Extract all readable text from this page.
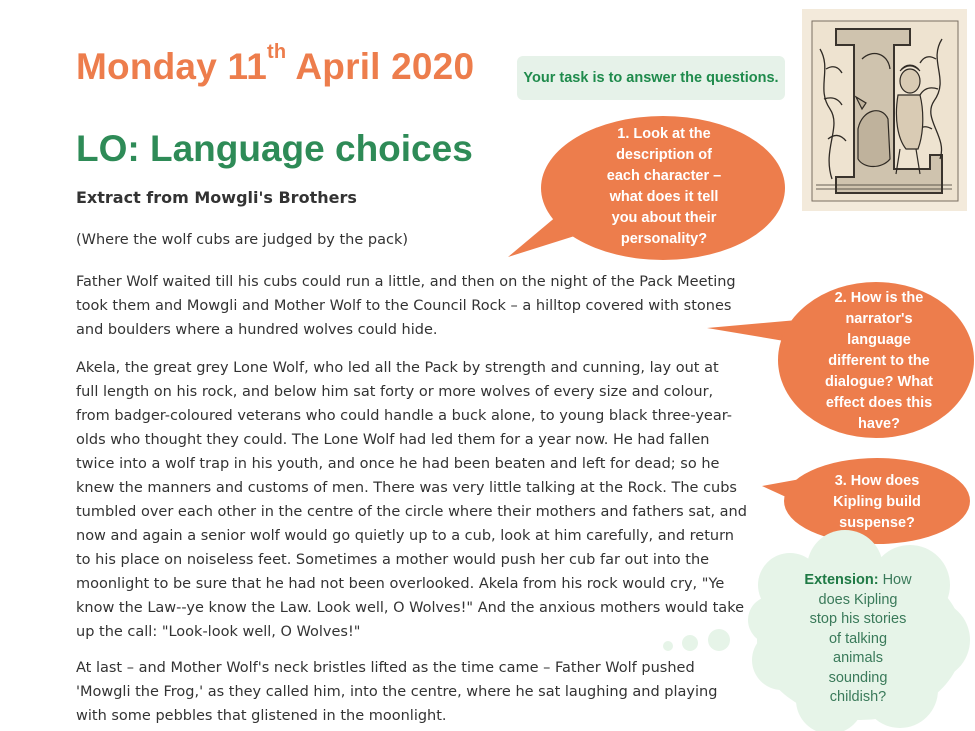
Monday 11th April 2020
LO: Language choices
Your task is to answer the questions.
Extract from Mowgli's Brothers
(Where the wolf cubs are judged by the pack)
Father Wolf waited till his cubs could run a little, and then on the night of the Pack Meeting
took them and Mowgli and Mother Wolf to the Council Rock – a hilltop covered with stones
and boulders where a hundred wolves could hide.
Akela, the great grey Lone Wolf, who led all the Pack by strength and cunning, lay out at
full length on his rock, and below him sat forty or more wolves of every size and colour,
from badger-coloured veterans who could handle a buck alone, to young black three-year-
olds who thought they could. The Lone Wolf had led them for a year now. He had fallen
twice into a wolf trap in his youth, and once he had been beaten and left for dead; so he
knew the manners and customs of men. There was very little talking at the Rock. The cubs
tumbled over each other in the centre of the circle where their mothers and fathers sat, and
now and again a senior wolf would go quietly up to a cub, look at him carefully, and return
to his place on noiseless feet. Sometimes a mother would push her cub far out into the
moonlight to be sure that he had not been overlooked. Akela from his rock would cry, "Ye
know the Law--ye know the Law. Look well, O Wolves!" And the anxious mothers would take
up the call: "Look-look well, O Wolves!"
At last – and Mother Wolf's neck bristles lifted as the time came – Father Wolf pushed
'Mowgli the Frog,' as they called him, into the centre, where he sat laughing and playing
with some pebbles that glistened in the moonlight.
1. Look at the
description of
each character –
what does it tell
you about their
personality?
2. How is the
narrator's
language
different to the
dialogue? What
effect does this
have?
3. How does
Kipling build
suspense?
Extension: How
does Kipling
stop his stories
of talking
animals
sounding
childish?
